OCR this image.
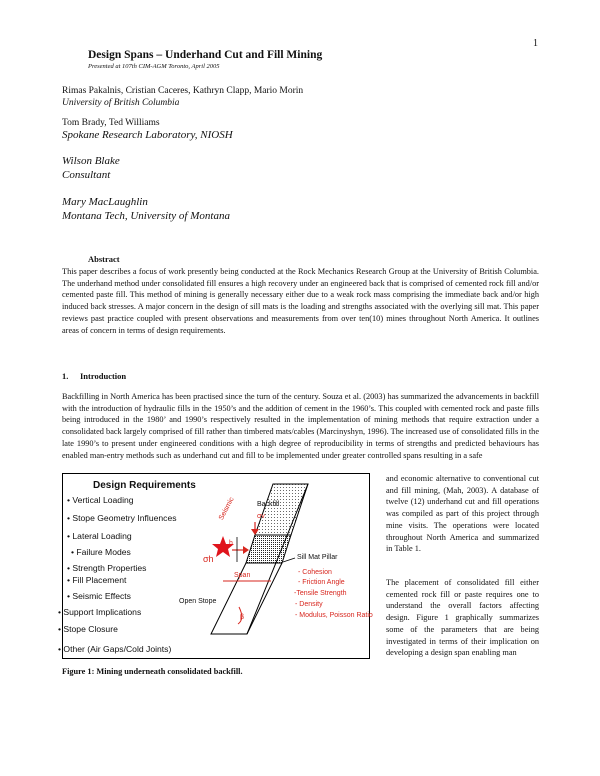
1
Design Spans – Underhand Cut and Fill Mining
Presented at 107th CIM-AGM Toronto, April 2005
Rimas Pakalnis, Cristian Caceres, Kathryn Clapp, Mario Morin
University of British Columbia
Tom Brady, Ted Williams
Spokane Research Laboratory, NIOSH
Wilson Blake
Consultant
Mary MacLaughlin
Montana Tech, University of Montana
Abstract
This paper describes a focus of work presently being conducted at the Rock Mechanics Research Group at the University of British Columbia. The underhand method under consolidated fill ensures a high recovery under an engineered back that is comprised of cemented rock fill and/or cemented paste fill. This method of mining is generally necessary either due to a weak rock mass comprising the immediate back and/or high induced back stresses. A major concern in the design of sill mats is the loading and strengths associated with the overlying sill mat. This paper reviews past practice coupled with present observations and measurements from over ten(10) mines throughout North America. It outlines areas of concern in terms of design requirements.
1. Introduction
Backfilling in North America has been practised since the turn of the century. Souza et al. (2003) has summarized the advancements in backfill with the introduction of hydraulic fills in the 1950’s and the addition of cement in the 1960’s. This coupled with cemented rock and paste fills being introduced in the 1980’ and 1990’s respectively resulted in the implementation of mining methods that require extraction under a consolidated back largely comprised of fill rather than timbered mats/cables (Marcinyshyn, 1996). The increased use of consolidated fills in the late 1990’s to present under engineered conditions with a high degree of reproducibility in terms of strengths and predicted behaviours has enabled man-entry methods such as underhand cut and fill to be implemented under greater controlled spans resulting in a safe
and economic alternative to conventional cut and fill mining, (Mah, 2003). A database of twelve (12) underhand cut and fill operations was compiled as part of this project through mine visits. The operations were located throughout North America and summarized in Table 1.
The placement of consolidated fill either cemented rock fill or paste requires one to understand the overall factors affecting design. Figure 1 graphically summarizes some of the parameters that are being investigated in terms of their implication on developing a design span enabling man
Design Requirements
• Vertical Loading
• Stope Geometry Influences
• Lateral Loading
• Failure Modes
• Strength Properties
• Fill Placement
• Seismic Effects
• Support Implications
• Stope Closure
• Other (Air Gaps/Cold Joints)
Backfill
Seismic	σv
σh
h
Sill Mat Pillar
Span
Open Stope
β
- Cohesion
- Friction Angle
-Tensile Strength
- Density
- Modulus, Poisson Ratio
Figure 1: Mining underneath consolidated backfill.
